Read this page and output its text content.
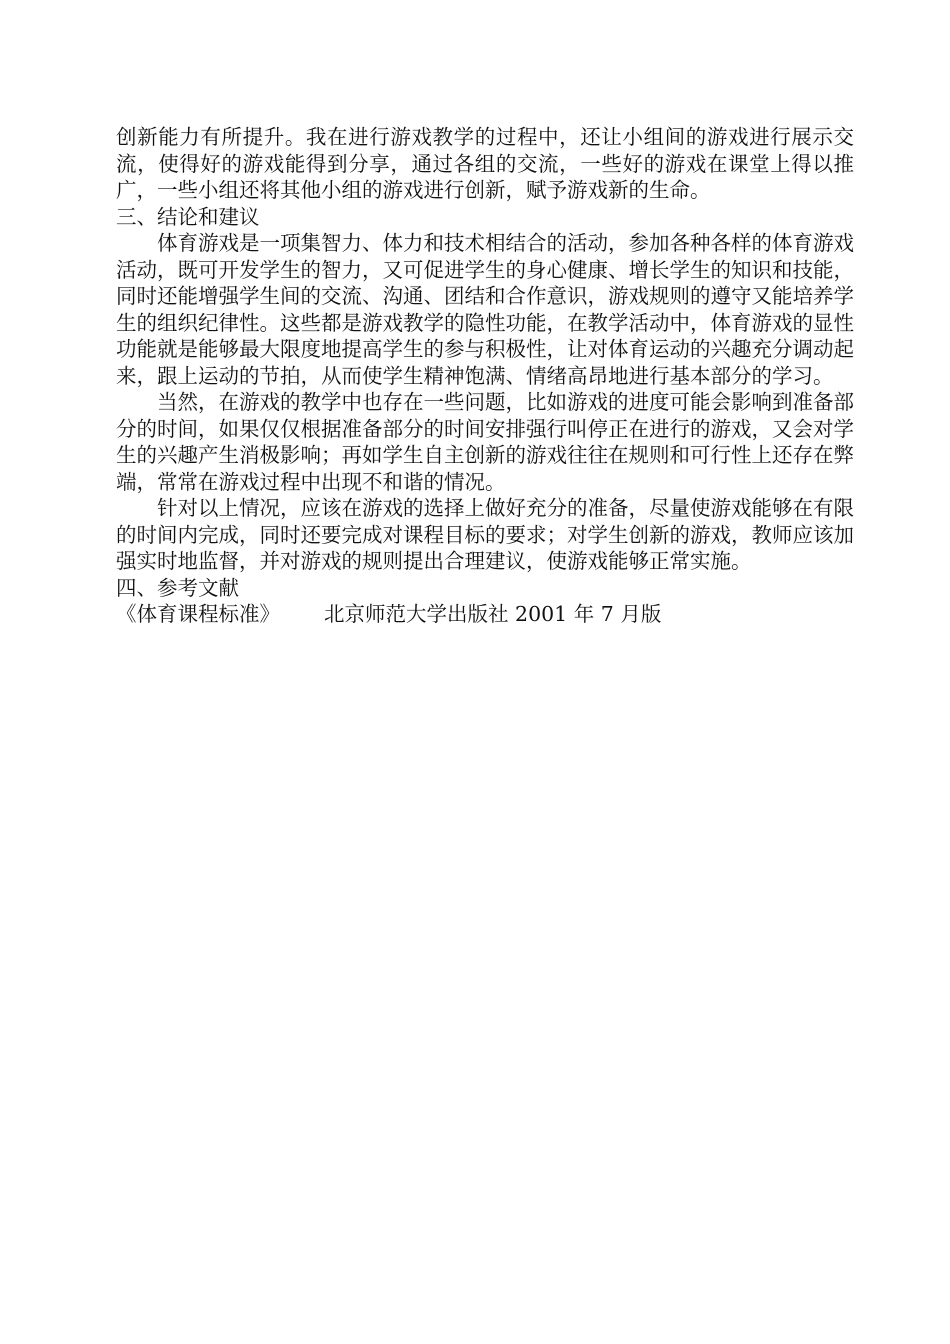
创新能力有所提升。我在进行游戏教学的过程中，还让小组间的游戏进行展示交流，使得好的游戏能得到分享，通过各组的交流，一些好的游戏在课堂上得以推广，一些小组还将其他小组的游戏进行创新，赋予游戏新的生命。

三、结论和建议

体育游戏是一项集智力、体力和技术相结合的活动，参加各种各样的体育游戏活动，既可开发学生的智力，又可促进学生的身心健康、增长学生的知识和技能，同时还能增强学生间的交流、沟通、团结和合作意识，游戏规则的遵守又能培养学生的组织纪律性。这些都是游戏教学的隐性功能，在教学活动中，体育游戏的显性功能就是能够最大限度地提高学生的参与积极性，让对体育运动的兴趣充分调动起来，跟上运动的节拍，从而使学生精神饱满、情绪高昂地进行基本部分的学习。

当然，在游戏的教学中也存在一些问题，比如游戏的进度可能会影响到准备部分的时间，如果仅仅根据准备部分的时间安排强行叫停正在进行的游戏，又会对学生的兴趣产生消极影响；再如学生自主创新的游戏往往在规则和可行性上还存在弊端，常常在游戏过程中出现不和谐的情况。

针对以上情况，应该在游戏的选择上做好充分的准备，尽量使游戏能够在有限的时间内完成，同时还要完成对课程目标的要求；对学生创新的游戏，教师应该加强实时地监督，并对游戏的规则提出合理建议，使游戏能够正常实施。

四、参考文献
《体育课程标准》 北京师范大学出版社 2001 年 7 月版
